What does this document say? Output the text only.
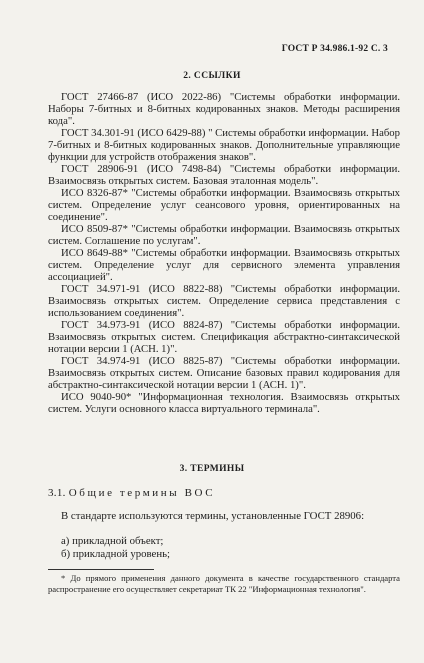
ГОСТ Р 34.986.1-92 С. 3
2. ССЫЛКИ

ГОСТ 27466-87 (ИСО 2022-86) "Системы обработки информации. Наборы 7-битных и 8-битных кодированных знаков. Методы расширения кода".

ГОСТ 34.301-91 (ИСО 6429-88) " Системы обработки информации. Набор 7-битных и 8-битных кодированных знаков. Дополнительные управляющие функции для устройств отображения знаков".

ГОСТ 28906-91 (ИСО 7498-84) "Системы обработки информации. Взаимосвязь открытых систем. Базовая эталонная модель".

ИСО 8326-87* "Системы обработки информации. Взаимосвязь открытых систем. Определение услуг сеансового уровня, ориентированных на соединение".

ИСО 8509-87* "Системы обработки информации. Взаимосвязь открытых систем. Соглашение по услугам".

ИСО 8649-88* "Системы обработки информации. Взаимосвязь открытых систем. Определение услуг для сервисного элемента управления ассоциацией".

ГОСТ 34.971-91 (ИСО 8822-88) "Системы обработки информации. Взаимосвязь открытых систем. Определение сервиса представления с использованием соединения".

ГОСТ 34.973-91 (ИСО 8824-87) "Системы обработки информации. Взаимосвязь открытых систем. Спецификация абстрактно-синтаксической нотации версии 1 (АСН. 1)".

ГОСТ 34.974-91 (ИСО 8825-87) "Системы обработки информации. Взаимосвязь открытых систем. Описание базовых правил кодирования для абстрактно-синтаксической нотации версии 1 (АСН. 1)".

ИСО 9040-90* "Информационная технология. Взаимосвязь открытых систем. Услуги основного класса виртуального терминала".

3. ТЕРМИНЫ
3.1. Общие термины ВОС

В стандарте используются термины, установленные ГОСТ 28906:

а) прикладной объект;
б) прикладной уровень;

* До прямого применения данного документа в качестве государственного стандарта распространение его осуществляет секретариат ТК 22 "Информационная технология".
